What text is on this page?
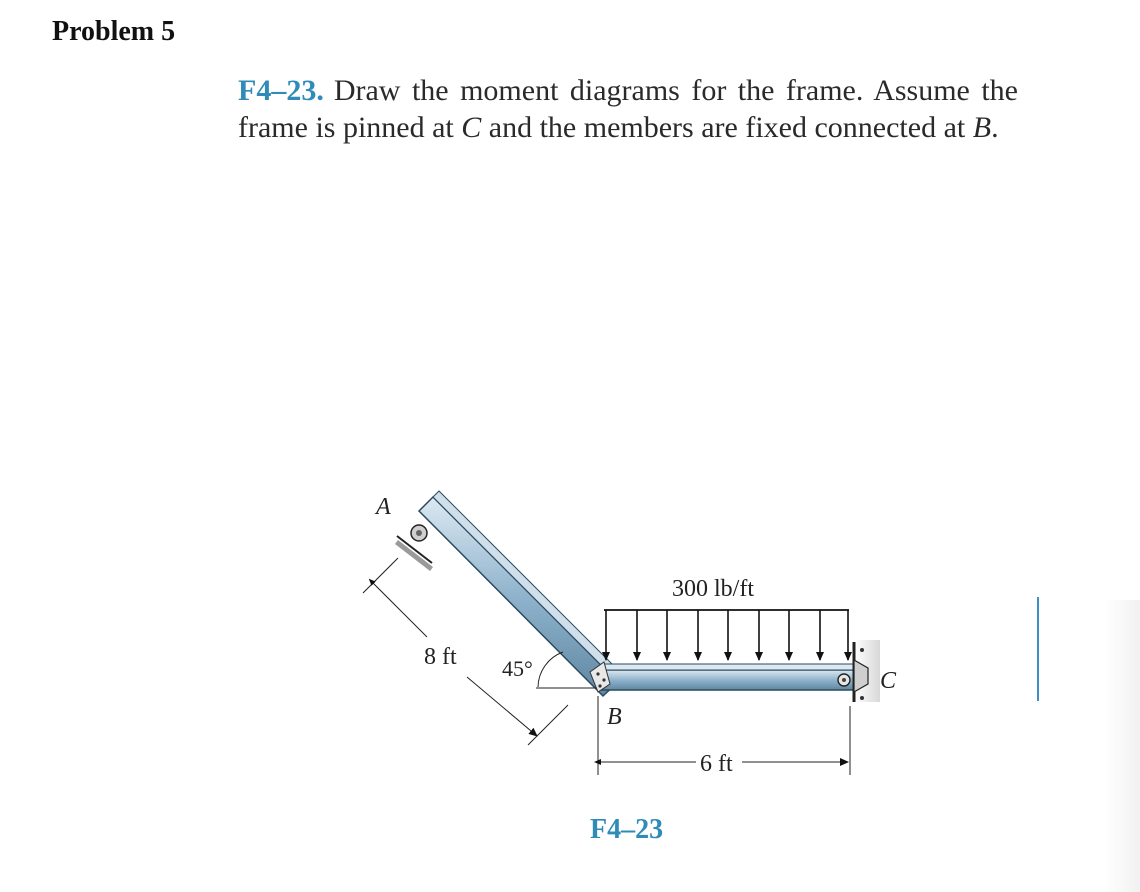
Problem 5
F4–23. Draw the moment diagrams for the frame. Assume the frame is pinned at C and the members are fixed connected at B.
A
300 lb/ft
8 ft 45°
B
C
6 ft
F4–23
